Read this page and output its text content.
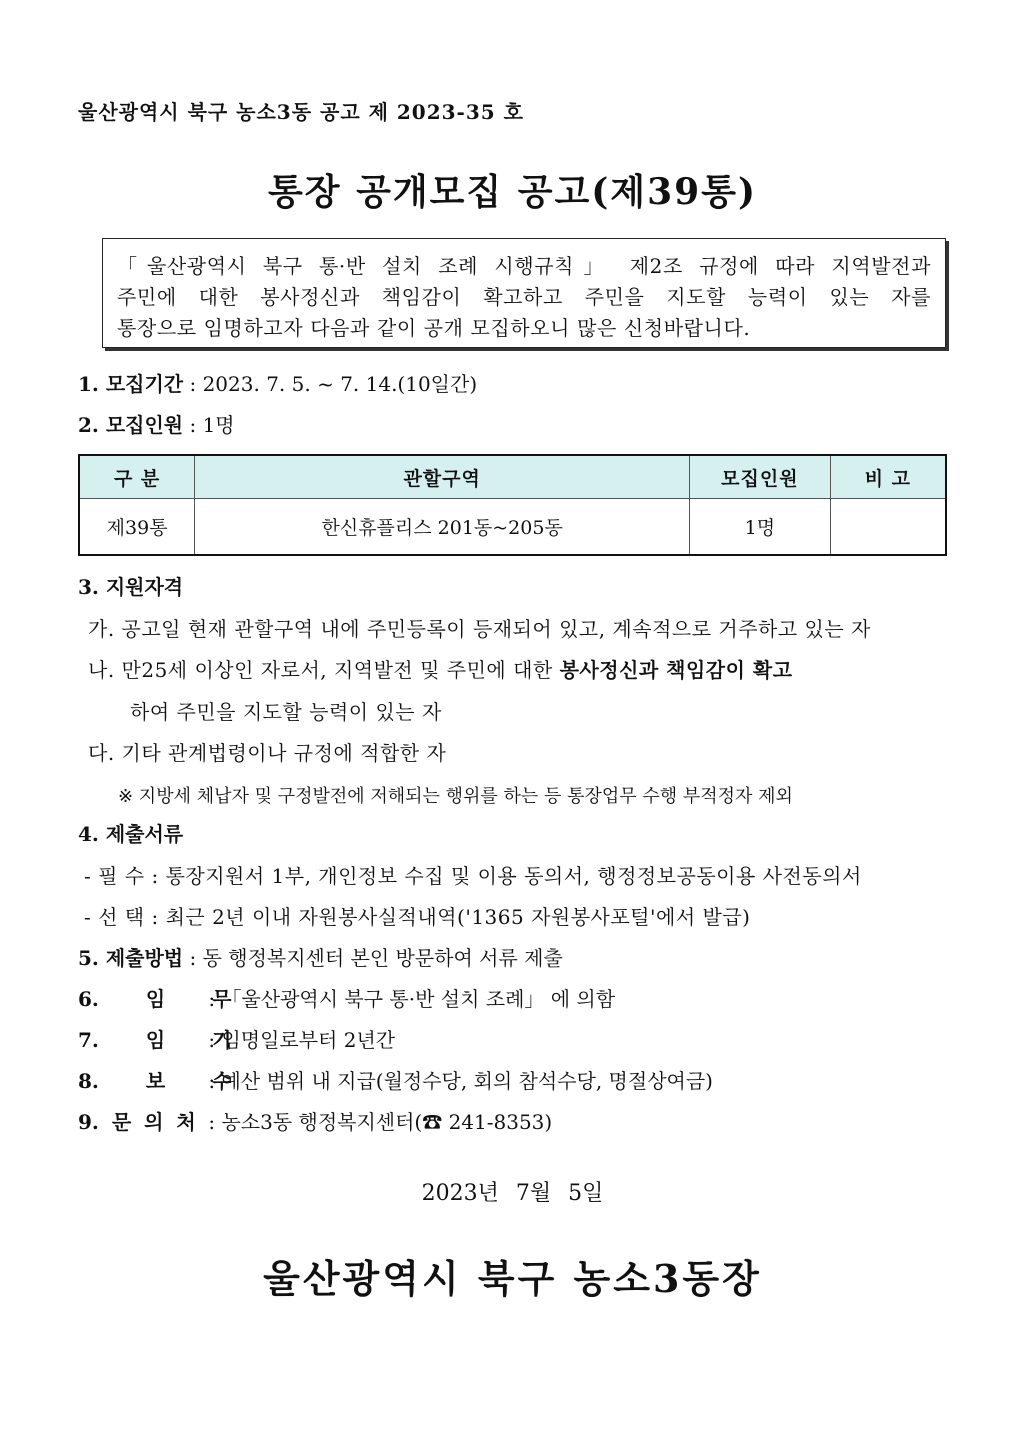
울산광역시 북구 농소3동 공고 제 2023-35 호
통장 공개모집 공고(제39통)
「울산광역시 북구 통·반 설치 조례 시행규칙」 제2조 규정에 따라 지역발전과
주민에 대한 봉사정신과 책임감이 확고하고 주민을 지도할 능력이 있는 자를
통장으로 임명하고자 다음과 같이 공개 모집하오니 많은 신청바랍니다.
1. 모집기간 : 2023. 7. 5. ~ 7. 14.(10일간)
2. 모집인원 : 1명
구 분	관할구역	모집인원	비 고
제39통	한신휴플리스 201동~205동	1명	
3. 지원자격
가. 공고일 현재 관할구역 내에 주민등록이 등재되어 있고, 계속적으로 거주하고 있는 자
나. 만25세 이상인 자로서, 지역발전 및 주민에 대한 봉사정신과 책임감이 확고
하여 주민을 지도할 능력이 있는 자
다. 기타 관계법령이나 규정에 적합한 자
※ 지방세 체납자 및 구정발전에 저해되는 행위를 하는 등 통장업무 수행 부적정자 제외
4. 제출서류
- 필 수 : 통장지원서 1부, 개인정보 수집 및 이용 동의서, 행정정보공동이용 사전동의서
- 선 택 : 최근 2년 이내 자원봉사실적내역('1365 자원봉사포털'에서 발급)
5. 제출방법 : 동 행정복지센터 본인 방문하여 서류 제출
6. 임 무 : 「울산광역시 북구 통·반 설치 조례」 에 의함
7. 임 기 : 임명일로부터 2년간
8. 보 수 : 예산 범위 내 지급(월정수당, 회의 참석수당, 명절상여금)
9. 문 의 처 : 농소3동 행정복지센터(☎ 241-8353)
2023년 7월 5일
울산광역시 북구 농소3동장
